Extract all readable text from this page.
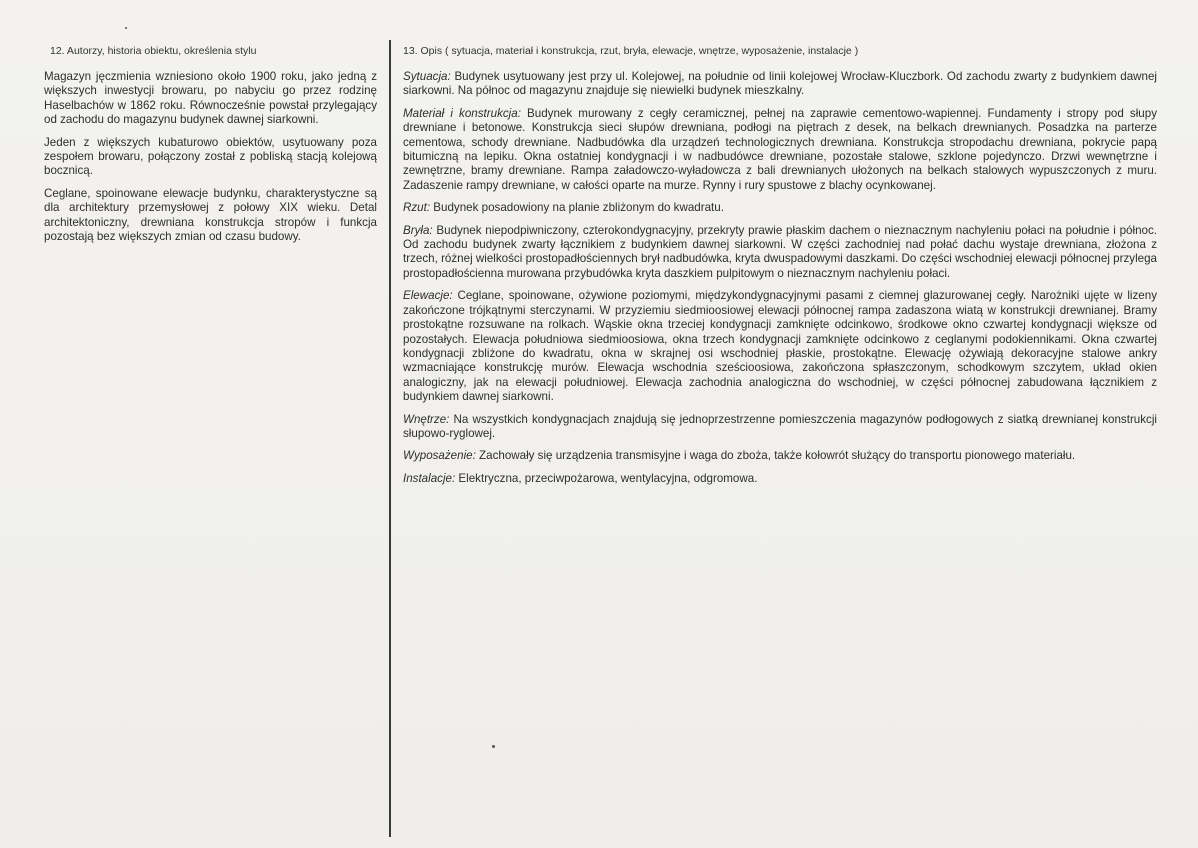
12. Autorzy, historia obiektu, określenia stylu

Magazyn jęczmienia wzniesiono około 1900 roku, jako jedną z większych inwestycji browaru, po nabyciu go przez rodzinę Haselbachów w 1862 roku. Równocześnie powstał przylegający od zachodu do magazynu budynek dawnej siarkowni.

Jeden z większych kubaturowo obiektów, usytuowany poza zespołem browaru, połączony został z pobliską stacją kolejową bocznicą.

Ceglane, spoinowane elewacje budynku, charakterystyczne są dla architektury przemysłowej z połowy XIX wieku. Detal architektoniczny, drewniana konstrukcja stropów i funkcja pozostają bez większych zmian od czasu budowy.

13. Opis ( sytuacja, materiał i konstrukcja, rzut, bryła, elewacje, wnętrze, wyposażenie, instalacje )

Sytuacja: Budynek usytuowany jest przy ul. Kolejowej, na południe od linii kolejowej Wrocław-Kluczbork. Od zachodu zwarty z budynkiem dawnej siarkowni. Na północ od magazynu znajduje się niewielki budynek mieszkalny.

Materiał i konstrukcja: Budynek murowany z cegły ceramicznej, pełnej na zaprawie cementowo-wapiennej. Fundamenty i stropy pod słupy drewniane i betonowe. Konstrukcja sieci słupów drewniana, podłogi na piętrach z desek, na belkach drewnianych. Posadzka na parterze cementowa, schody drewniane. Nadbudówka dla urządzeń technologicznych drewniana. Konstrukcja stropodachu drewniana, pokrycie papą bitumiczną na lepiku. Okna ostatniej kondygnacji i w nadbudówce drewniane, pozostałe stalowe, szklone pojedynczo. Drzwi wewnętrzne i zewnętrzne, bramy drewniane. Rampa załadowczo-wyładowcza z bali drewnianych ułożonych na belkach stalowych wypuszczonych z muru. Zadaszenie rampy drewniane, w całości oparte na murze. Rynny i rury spustowe z blachy ocynkowanej.

Rzut: Budynek posadowiony na planie zbliżonym do kwadratu.

Bryła: Budynek niepodpiwniczony, czterokondygnacyjny, przekryty prawie płaskim dachem o nieznacznym nachyleniu połaci na południe i północ. Od zachodu budynek zwarty łącznikiem z budynkiem dawnej siarkowni. W części zachodniej nad połać dachu wystaje drewniana, złożona z trzech, różnej wielkości prostopadłościennych brył nadbudówka, kryta dwuspadowymi daszkami. Do części wschodniej elewacji północnej przylega prostopadłościenna murowana przybudówka kryta daszkiem pulpitowym o nieznacznym nachyleniu połaci.

Elewacje: Ceglane, spoinowane, ożywione poziomymi, międzykondygnacyjnymi pasami z ciemnej glazurowanej cegły. Narożniki ujęte w lizeny zakończone trójkątnymi sterczynami. W przyziemiu siedmioosiowej elewacji północnej rampa zadaszona wiatą w konstrukcji drewnianej. Bramy prostokątne rozsuwane na rolkach. Wąskie okna trzeciej kondygnacji zamknięte odcinkowo, środkowe okno czwartej kondygnacji większe od pozostałych. Elewacja południowa siedmioosiowa, okna trzech kondygnacji zamknięte odcinkowo z ceglanymi podokiennikami. Okna czwartej kondygnacji zbliżone do kwadratu, okna w skrajnej osi wschodniej płaskie, prostokątne. Elewację ożywiają dekoracyjne stalowe ankry wzmacniające konstrukcję murów. Elewacja wschodnia sześcioosiowa, zakończona spłaszczonym, schodkowym szczytem, układ okien analogiczny, jak na elewacji południowej. Elewacja zachodnia analogiczna do wschodniej, w części północnej zabudowana łącznikiem z budynkiem dawnej siarkowni.

Wnętrze: Na wszystkich kondygnacjach znajdują się jednoprzestrzenne pomieszczenia magazynów podłogowych z siatką drewnianej konstrukcji słupowo-ryglowej.

Wyposażenie: Zachowały się urządzenia transmisyjne i waga do zboża, także kołowrót służący do transportu pionowego materiału.

Instalacje: Elektryczna, przeciwpożarowa, wentylacyjna, odgromowa.
